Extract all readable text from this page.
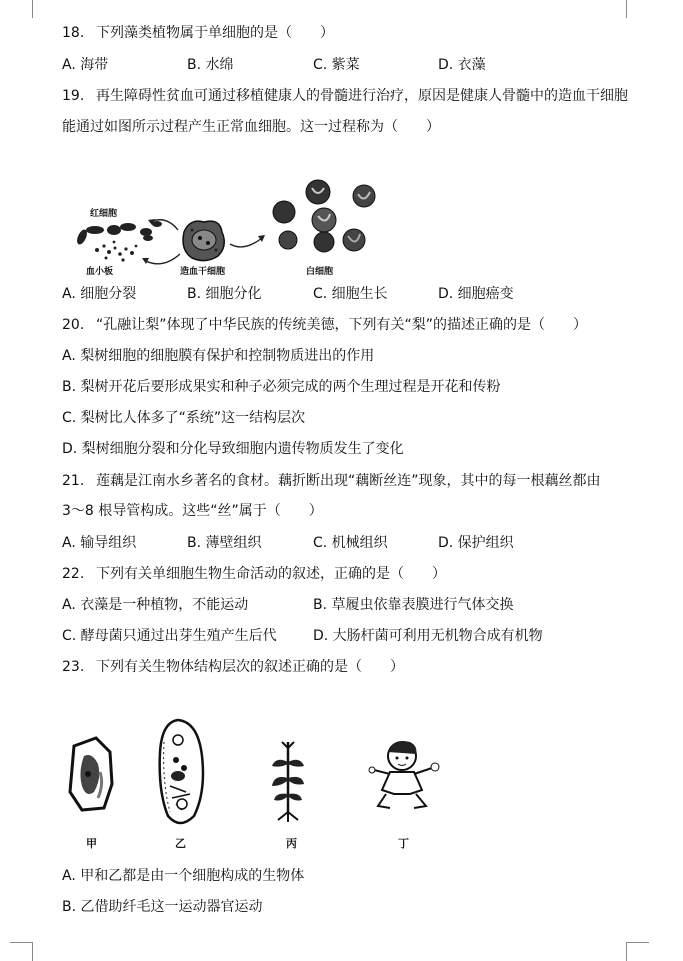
18. 下列藻类植物属于单细胞的是（　　）
A. 海带	B. 水绵	C. 紫菜	D. 衣藻
19. 再生障碍性贫血可通过移植健康人的骨髓进行治疗，原因是健康人骨髓中的造血干细胞
能通过如图所示过程产生正常血细胞。这一过程称为（　　）
红细胞
血小板	造血干细胞	白细胞
A. 细胞分裂	B. 细胞分化	C. 细胞生长	D. 细胞癌变
20. “孔融让梨”体现了中华民族的传统美德，下列有关“梨”的描述正确的是（　　）
A. 梨树细胞的细胞膜有保护和控制物质进出的作用
B. 梨树开花后要形成果实和种子必须完成的两个生理过程是开花和传粉
C. 梨树比人体多了“系统”这一结构层次
D. 梨树细胞分裂和分化导致细胞内遗传物质发生了变化
21. 莲藕是江南水乡著名的食材。藕折断出现“藕断丝连”现象，其中的每一根藕丝都由
3～8 根导管构成。这些“丝”属于（　　）
A. 输导组织	B. 薄壁组织	C. 机械组织	D. 保护组织
22. 下列有关单细胞生物生命活动的叙述，正确的是（　　）
A. 衣藻是一种植物，不能运动	B. 草履虫依靠表膜进行气体交换
C. 酵母菌只通过出芽生殖产生后代	D. 大肠杆菌可利用无机物合成有机物
23. 下列有关生物体结构层次的叙述正确的是（　　）
甲	乙	丙	丁
A. 甲和乙都是由一个细胞构成的生物体
B. 乙借助纤毛这一运动器官运动
